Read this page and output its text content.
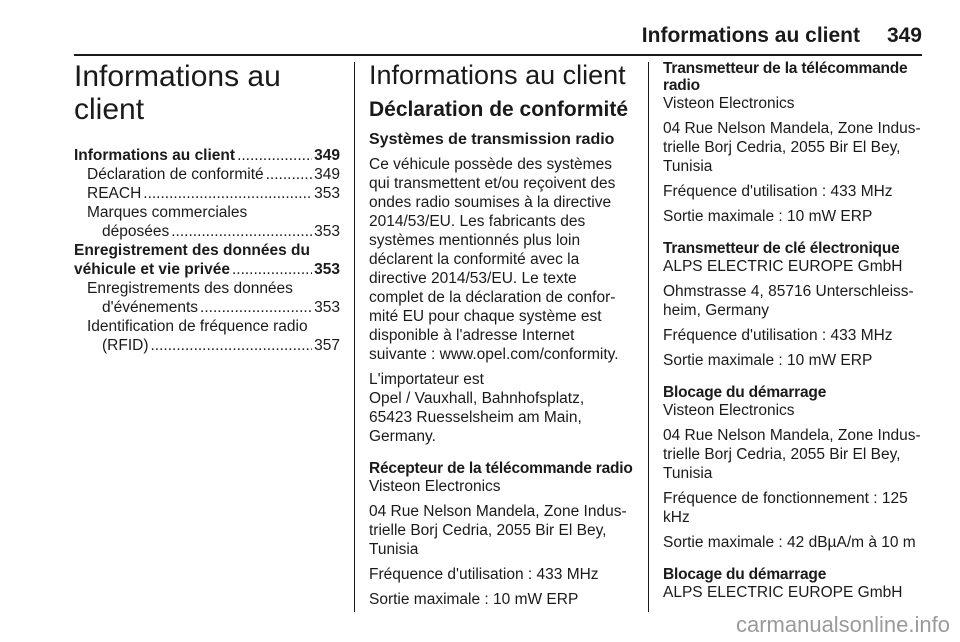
Informations au client 349
Informations au client
Informations au client .....	349
Déclaration de conformité .....	349
REACH .....	353
Marques commerciales
déposées .....	353
Enregistrement des données du
véhicule et vie privée .....	353
Enregistrements des données
d'événements .....	353
Identification de fréquence radio
(RFID) .....	357
Informations au client
Déclaration de conformité
Systèmes de transmission radio

Ce véhicule possède des systèmes qui transmettent et/ou reçoivent des ondes radio soumises à la directive 2014/53/EU. Les fabricants des systèmes mentionnés plus loin déclarent la conformité avec la directive 2014/53/EU. Le texte complet de la déclaration de confor-mité EU pour chaque système est disponible à l'adresse Internet suivante : www.opel.com/conformity.

L'importateur est
Opel / Vauxhall, Bahnhofsplatz,
65423 Ruesselsheim am Main,
Germany.

Récepteur de la télécommande radio

Visteon Electronics

04 Rue Nelson Mandela, Zone Indus-trielle Borj Cedria, 2055 Bir El Bey, Tunisia

Fréquence d'utilisation : 433 MHz

Sortie maximale : 10 mW ERP

Transmetteur de la télécommande radio

Visteon Electronics

04 Rue Nelson Mandela, Zone Indus-trielle Borj Cedria, 2055 Bir El Bey, Tunisia

Fréquence d'utilisation : 433 MHz

Sortie maximale : 10 mW ERP

Transmetteur de clé électronique

ALPS ELECTRIC EUROPE GmbH

Ohmstrasse 4, 85716 Unterschleiss-heim, Germany

Fréquence d'utilisation : 433 MHz

Sortie maximale : 10 mW ERP

Blocage du démarrage

Visteon Electronics

04 Rue Nelson Mandela, Zone Indus-trielle Borj Cedria, 2055 Bir El Bey, Tunisia

Fréquence de fonctionnement : 125 kHz

Sortie maximale : 42 dBµA/m à 10 m

Blocage du démarrage

ALPS ELECTRIC EUROPE GmbH

carmanualsonline.info
